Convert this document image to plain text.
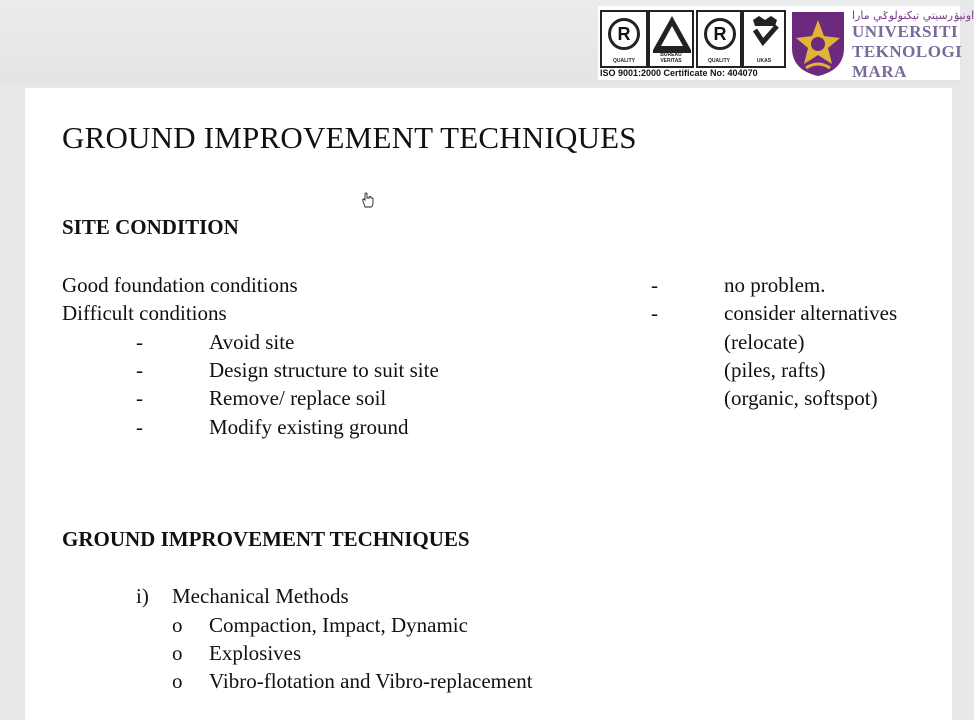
R
QUALITY
BUREAU VERITAS
R
QUALITY	UKAS
ISO 9001:2000 Certificate No: 404070
اونيۏرسيتي تيكنولوݢي مارا
UNIVERSITI
TEKNOLOGI
MARA
GROUND IMPROVEMENT TECHNIQUES
SITE CONDITION
Good foundation conditions	-	no problem.
Difficult conditions	-	consider alternatives
-	Avoid site	(relocate)
-	Design structure to suit site	(piles, rafts)
-	Remove/ replace soil	(organic, softspot)
-	Modify existing ground
GROUND IMPROVEMENT TECHNIQUES
i) Mechanical Methods
o Compaction, Impact, Dynamic
o Explosives
o Vibro-flotation and Vibro-replacement
